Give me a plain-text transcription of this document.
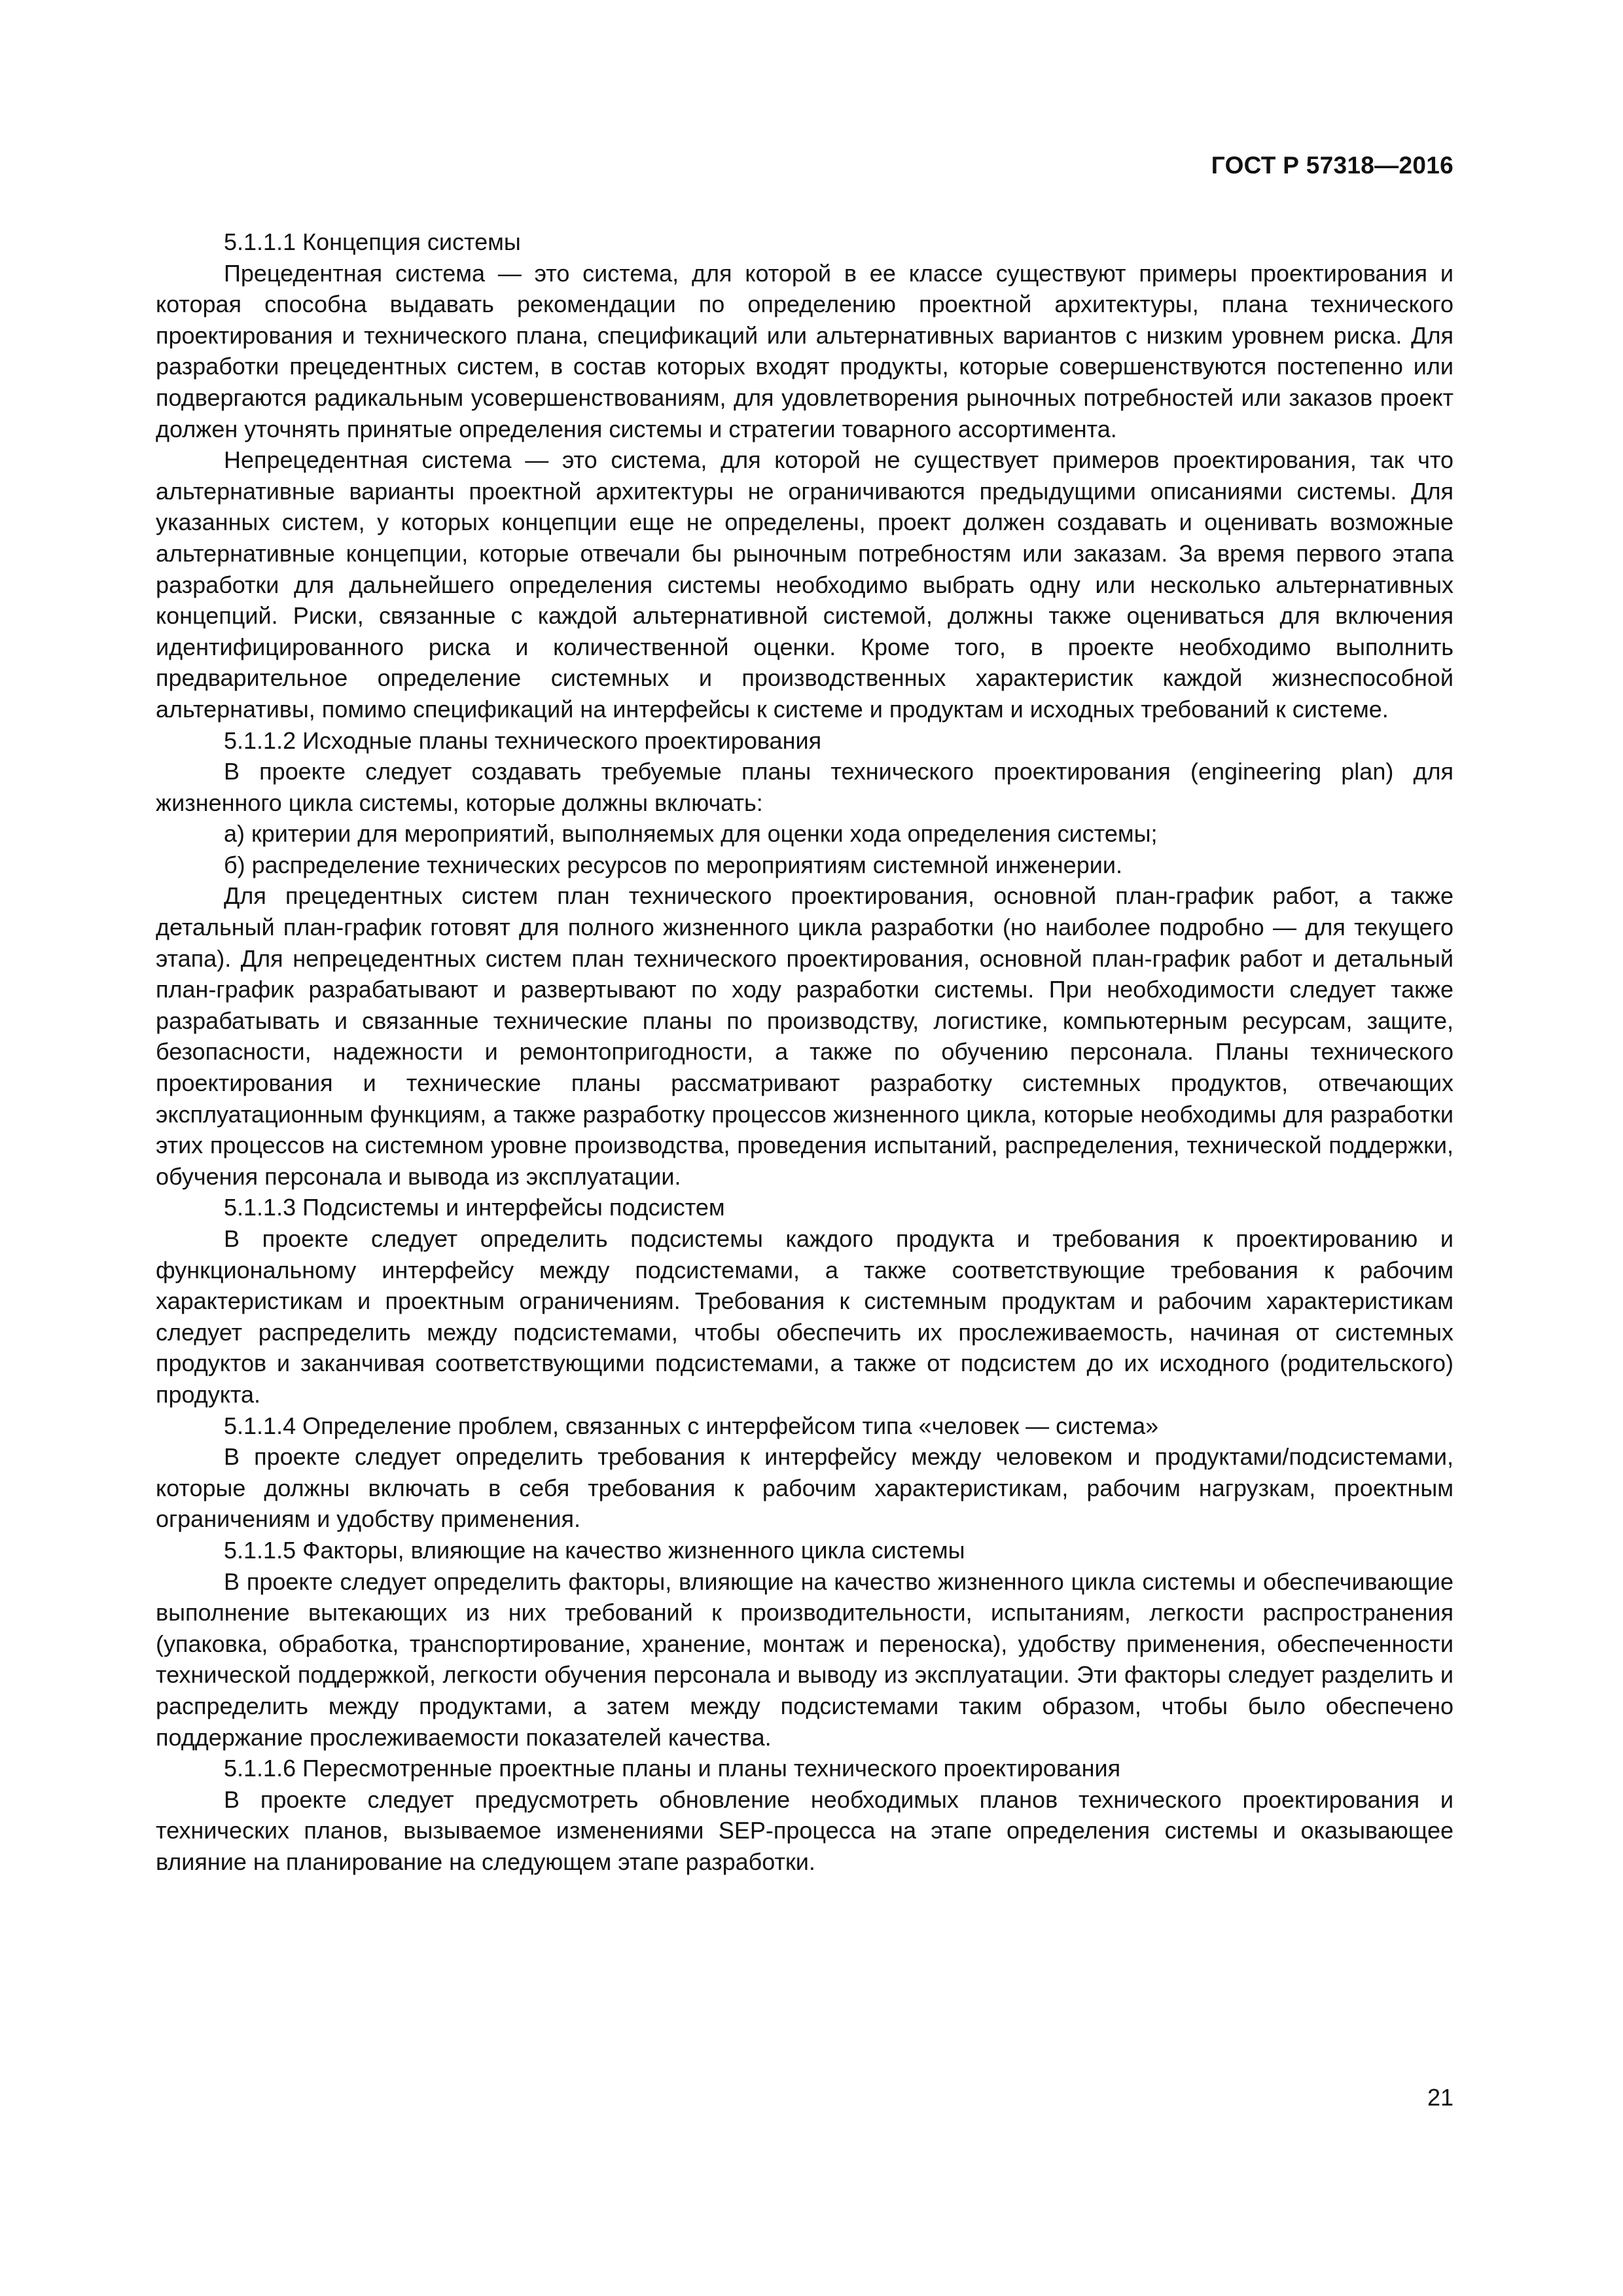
ГОСТ Р 57318—2016

5.1.1.1 Концепция системы

Прецедентная система — это система, для которой в ее классе существуют примеры проектирования и которая способна выдавать рекомендации по определению проектной архитектуры, плана технического проектирования и технического плана, спецификаций или альтернативных вариантов с низким уровнем риска. Для разработки прецедентных систем, в состав которых входят продукты, которые совершенствуются постепенно или подвергаются радикальным усовершенствованиям, для удовлетворения рыночных потребностей или заказов проект должен уточнять принятые определения системы и стратегии товарного ассортимента.

Непрецедентная система — это система, для которой не существует примеров проектирования, так что альтернативные варианты проектной архитектуры не ограничиваются предыдущими описаниями системы. Для указанных систем, у которых концепции еще не определены, проект должен создавать и оценивать возможные альтернативные концепции, которые отвечали бы рыночным потребностям или заказам. За время первого этапа разработки для дальнейшего определения системы необходимо выбрать одну или несколько альтернативных концепций. Риски, связанные с каждой альтернативной системой, должны также оцениваться для включения идентифицированного риска и количественной оценки. Кроме того, в проекте необходимо выполнить предварительное определение системных и производственных характеристик каждой жизнеспособной альтернативы, помимо спецификаций на интерфейсы к системе и продуктам и исходных требований к системе.

5.1.1.2 Исходные планы технического проектирования

В проекте следует создавать требуемые планы технического проектирования (engineering plan) для жизненного цикла системы, которые должны включать:

а) критерии для мероприятий, выполняемых для оценки хода определения системы;

б) распределение технических ресурсов по мероприятиям системной инженерии.

Для прецедентных систем план технического проектирования, основной план-график работ, а также детальный план-график готовят для полного жизненного цикла разработки (но наиболее подробно — для текущего этапа). Для непрецедентных систем план технического проектирования, основной план-график работ и детальный план-график разрабатывают и развертывают по ходу разработки системы. При необходимости следует также разрабатывать и связанные технические планы по производству, логистике, компьютерным ресурсам, защите, безопасности, надежности и ремонтопригодности, а также по обучению персонала. Планы технического проектирования и технические планы рассматривают разработку системных продуктов, отвечающих эксплуатационным функциям, а также разработку процессов жизненного цикла, которые необходимы для разработки этих процессов на системном уровне производства, проведения испытаний, распределения, технической поддержки, обучения персонала и вывода из эксплуатации.

5.1.1.3 Подсистемы и интерфейсы подсистем

В проекте следует определить подсистемы каждого продукта и требования к проектированию и функциональному интерфейсу между подсистемами, а также соответствующие требования к рабочим характеристикам и проектным ограничениям. Требования к системным продуктам и рабочим характеристикам следует распределить между подсистемами, чтобы обеспечить их прослеживаемость, начиная от системных продуктов и заканчивая соответствующими подсистемами, а также от подсистем до их исходного (родительского) продукта.

5.1.1.4 Определение проблем, связанных с интерфейсом типа «человек — система»

В проекте следует определить требования к интерфейсу между человеком и продуктами/подсистемами, которые должны включать в себя требования к рабочим характеристикам, рабочим нагрузкам, проектным ограничениям и удобству применения.

5.1.1.5 Факторы, влияющие на качество жизненного цикла системы

В проекте следует определить факторы, влияющие на качество жизненного цикла системы и обеспечивающие выполнение вытекающих из них требований к производительности, испытаниям, легкости распространения (упаковка, обработка, транспортирование, хранение, монтаж и переноска), удобству применения, обеспеченности технической поддержкой, легкости обучения персонала и выводу из эксплуатации. Эти факторы следует разделить и распределить между продуктами, а затем между подсистемами таким образом, чтобы было обеспечено поддержание прослеживаемости показателей качества.

5.1.1.6 Пересмотренные проектные планы и планы технического проектирования

В проекте следует предусмотреть обновление необходимых планов технического проектирования и технических планов, вызываемое изменениями SEP-процесса на этапе определения системы и оказывающее влияние на планирование на следующем этапе разработки.

21
